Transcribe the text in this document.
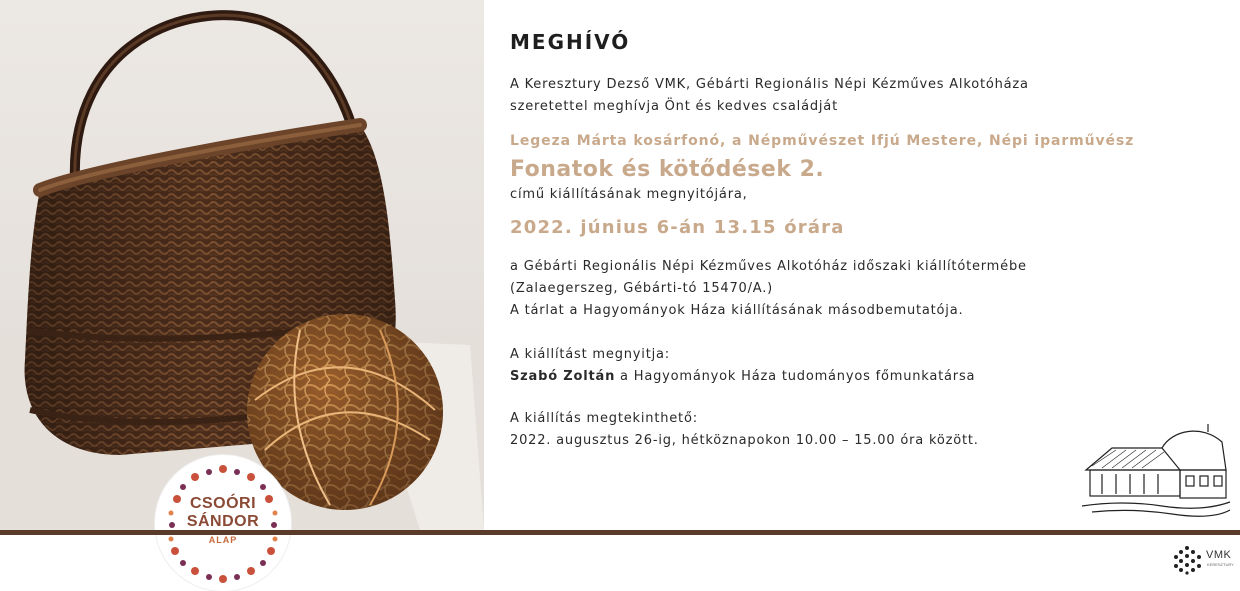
CSOÓRI
SÁNDOR
ALAP
MEGHÍVÓ

A Keresztury Dezső VMK, Gébárti Regionális Népi Kézműves Alkotóháza

szeretettel meghívja Önt és kedves családját

Legeza Márta kosárfonó, a Népművészet Ifjú Mestere, Népi iparművész

Fonatok és kötődések 2.

című kiállításának megnyitójára,

2022. június 6-án 13.15 órára

a Gébárti Regionális Népi Kézműves Alkotóház időszaki kiállítótermébe

(Zalaegerszeg, Gébárti-tó 15470/A.)

A tárlat a Hagyományok Háza kiállításának másodbemutatója.

A kiállítást megnyitja:

Szabó Zoltán a Hagyományok Háza tudományos főmunkatársa

A kiállítás megtekinthető:

2022. augusztus 26-ig, hétköznapokon 10.00 – 15.00 óra között.

VMK
KERESZTURY
